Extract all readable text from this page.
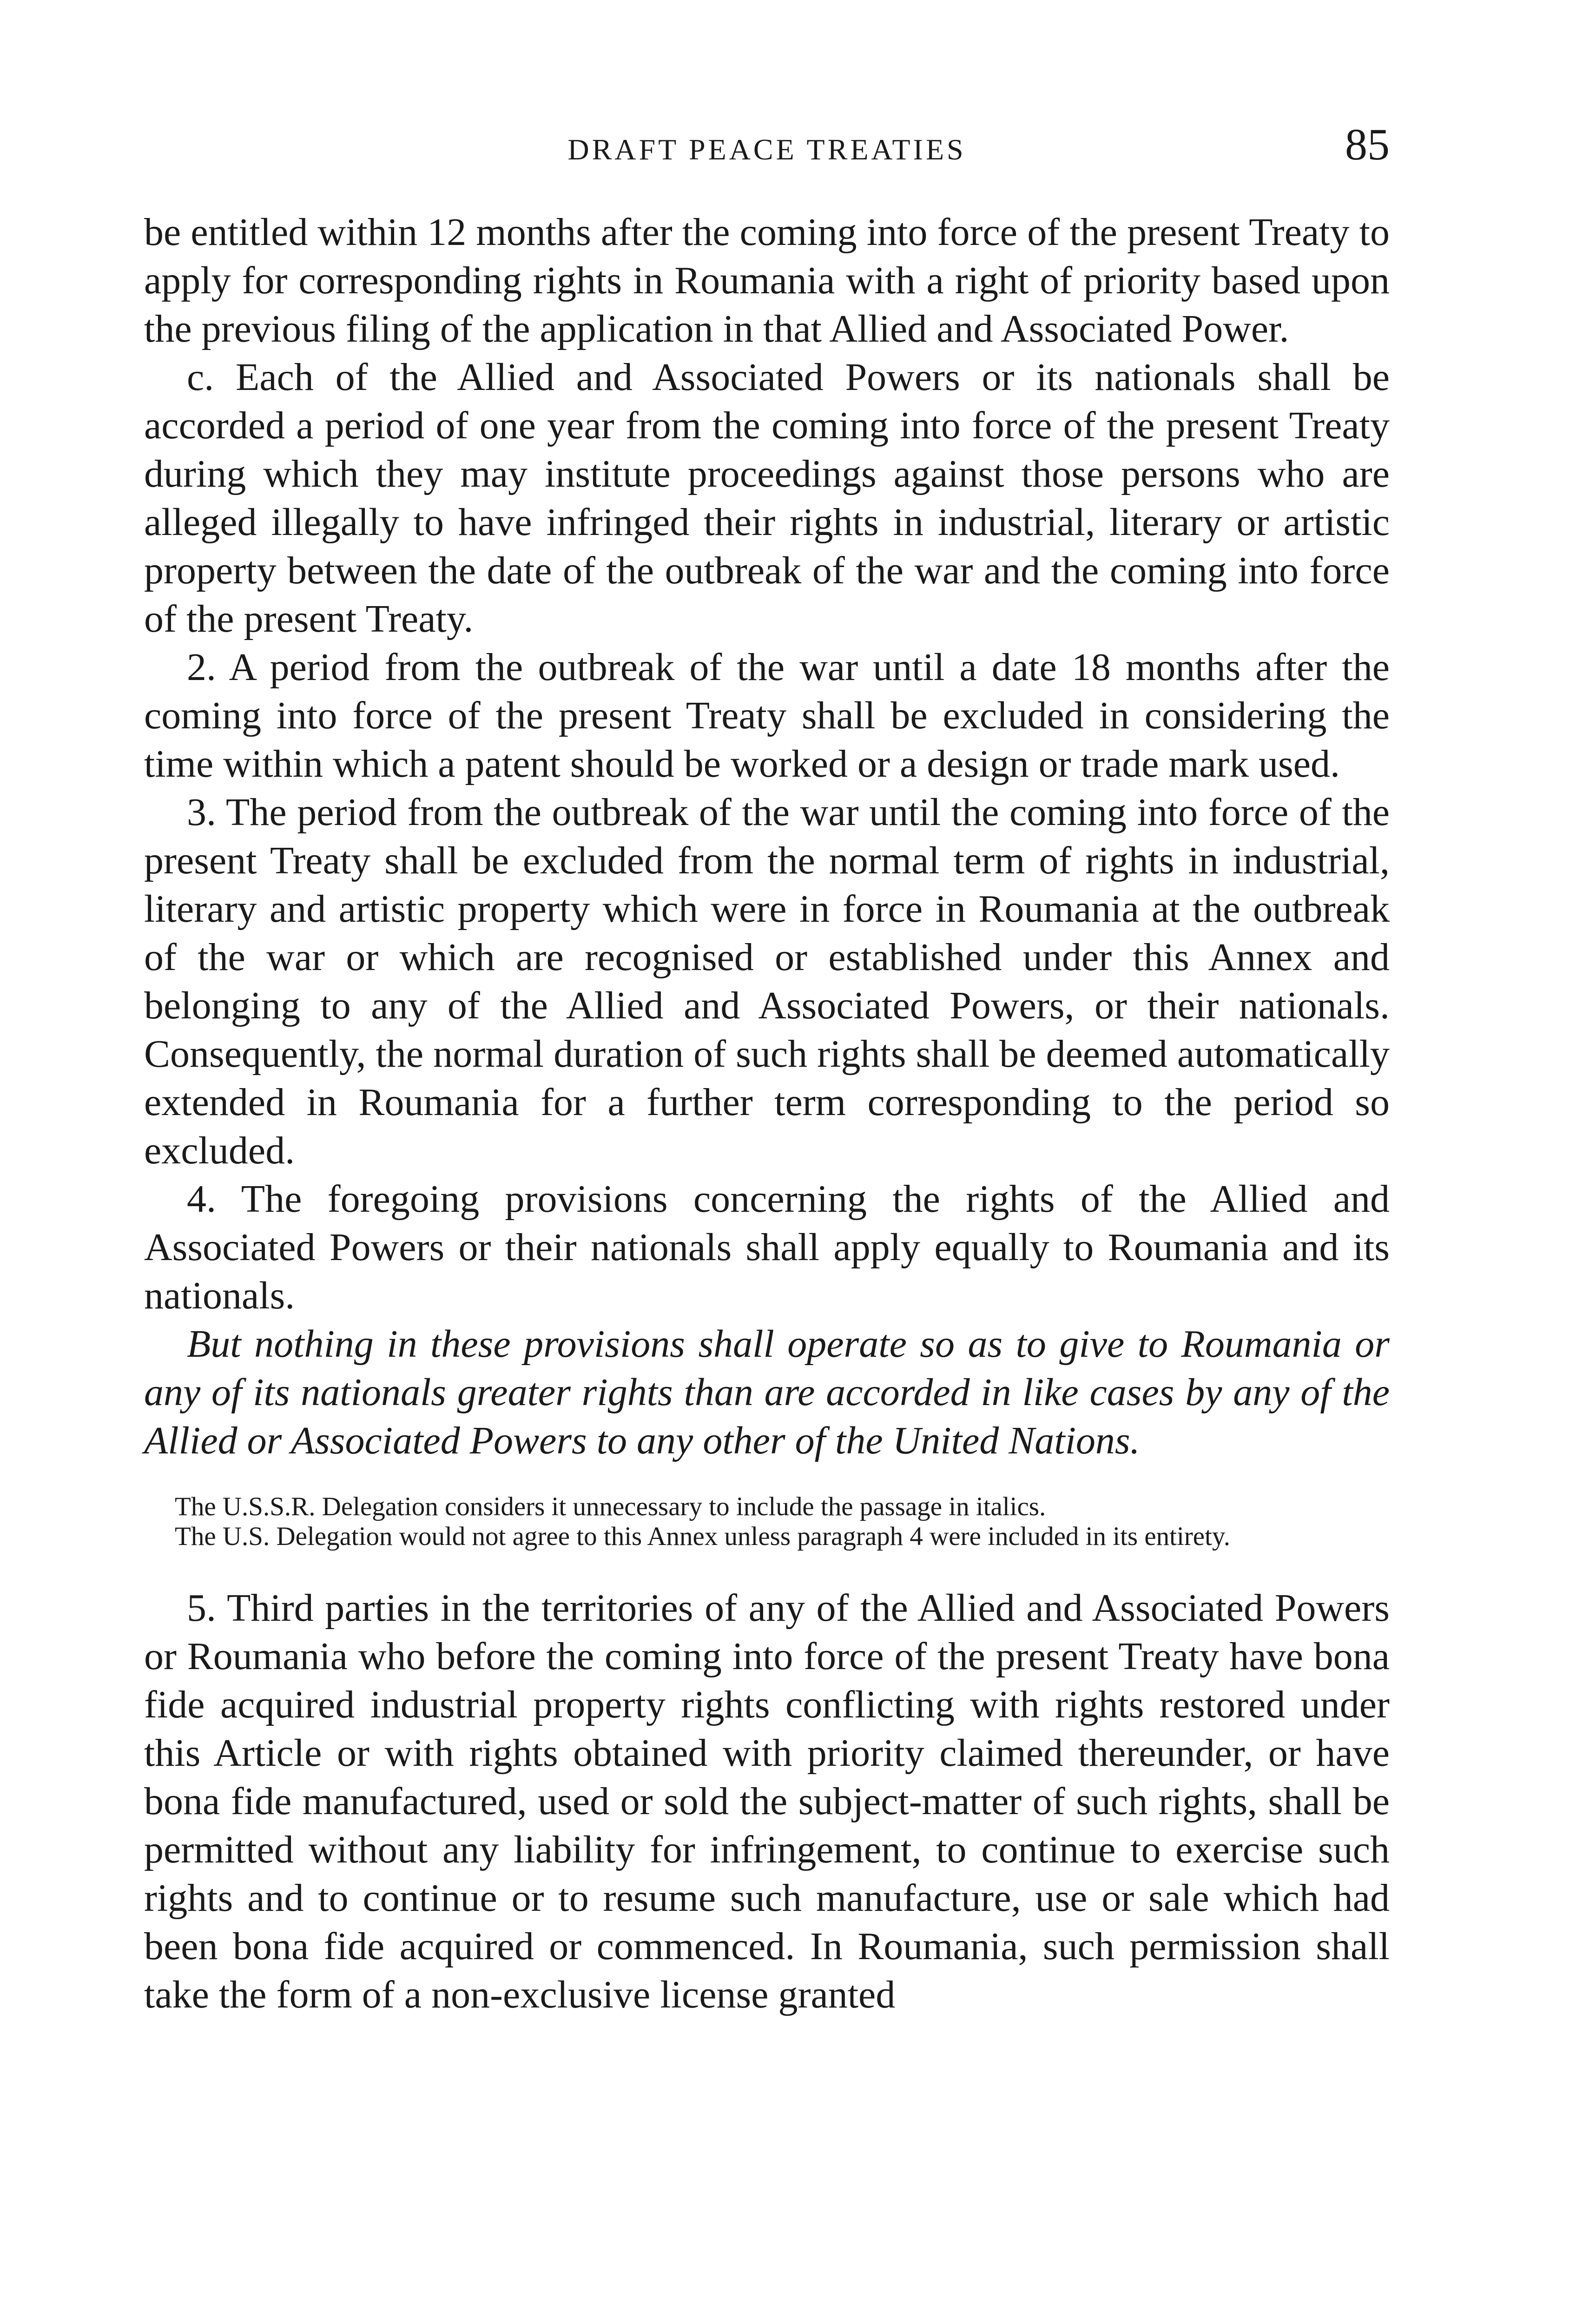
DRAFT PEACE TREATIES	85

be entitled within 12 months after the coming into force of the present Treaty to apply for corresponding rights in Roumania with a right of priority based upon the previous filing of the application in that Allied and Associated Power.

c. Each of the Allied and Associated Powers or its nationals shall be accorded a period of one year from the coming into force of the present Treaty during which they may institute proceedings against those persons who are alleged illegally to have infringed their rights in industrial, literary or artistic property between the date of the outbreak of the war and the coming into force of the present Treaty.

2. A period from the outbreak of the war until a date 18 months after the coming into force of the present Treaty shall be excluded in considering the time within which a patent should be worked or a design or trade mark used.

3. The period from the outbreak of the war until the coming into force of the present Treaty shall be excluded from the normal term of rights in industrial, literary and artistic property which were in force in Roumania at the outbreak of the war or which are recognised or established under this Annex and belonging to any of the Allied and Associated Powers, or their nationals. Consequently, the normal duration of such rights shall be deemed automatically extended in Roumania for a further term corresponding to the period so excluded.

4. The foregoing provisions concerning the rights of the Allied and Associated Powers or their nationals shall apply equally to Roumania and its nationals.

But nothing in these provisions shall operate so as to give to Roumania or any of its nationals greater rights than are accorded in like cases by any of the Allied or Associated Powers to any other of the United Nations.

The U.S.S.R. Delegation considers it unnecessary to include the passage in italics.

The U.S. Delegation would not agree to this Annex unless paragraph 4 were included in its entirety.

5. Third parties in the territories of any of the Allied and Associated Powers or Roumania who before the coming into force of the present Treaty have bona fide acquired industrial property rights conflicting with rights restored under this Article or with rights obtained with priority claimed thereunder, or have bona fide manufactured, used or sold the subject-matter of such rights, shall be permitted without any liability for infringement, to continue to exercise such rights and to continue or to resume such manufacture, use or sale which had been bona fide acquired or commenced. In Roumania, such permission shall take the form of a non-exclusive license granted
